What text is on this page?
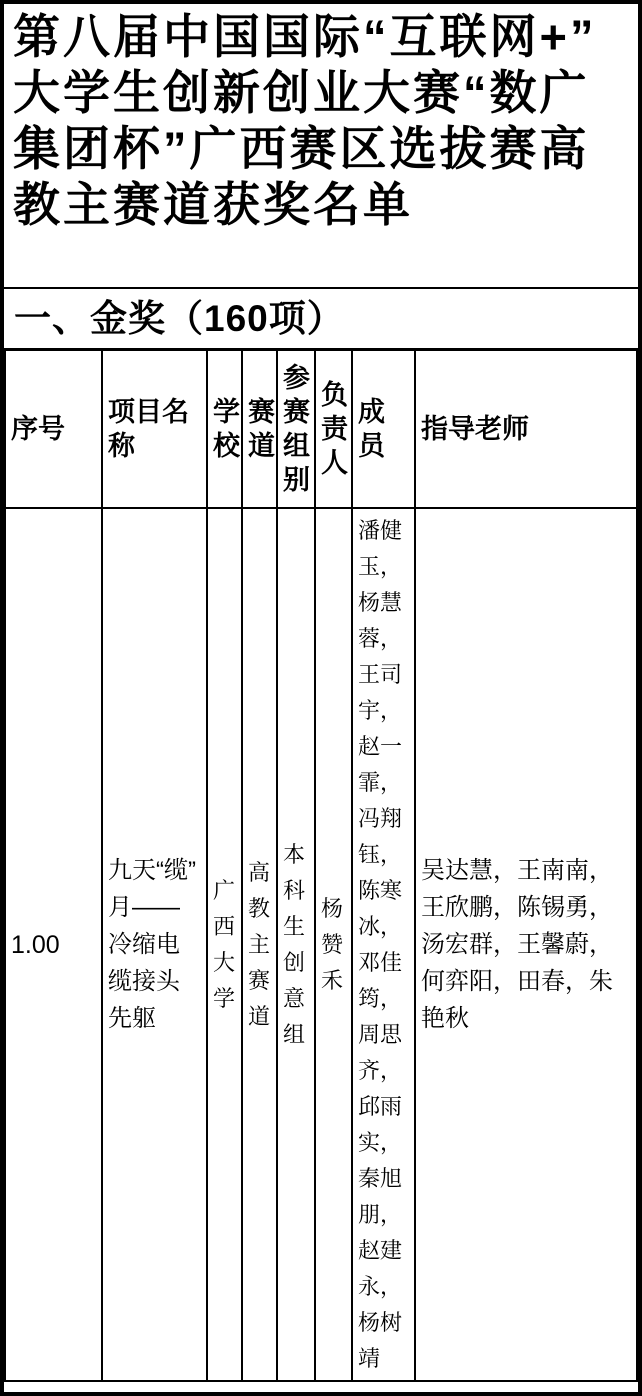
第八届中国国际“互联网+”大学生创新创业大赛“数广集团杯”广西赛区选拔赛高教主赛道获奖名单
一、金奖（160项）
序号	项目名称	学校	赛道	参赛组别	负责人	成员	指导老师
1.00	九天“缆”月——冷缩电缆接头先躯	广西大学	高教主赛道	本科生创意组	杨赞禾	潘健玉，杨慧蓉，王司宇，赵一霏，冯翔钰，陈寒冰，邓佳筠，周思齐，邱雨实，秦旭朋，赵建永，杨树靖	吴达慧，王南南，王欣鹏，陈锡勇，汤宏群，王馨蔚，何弈阳，田春，朱艳秋
